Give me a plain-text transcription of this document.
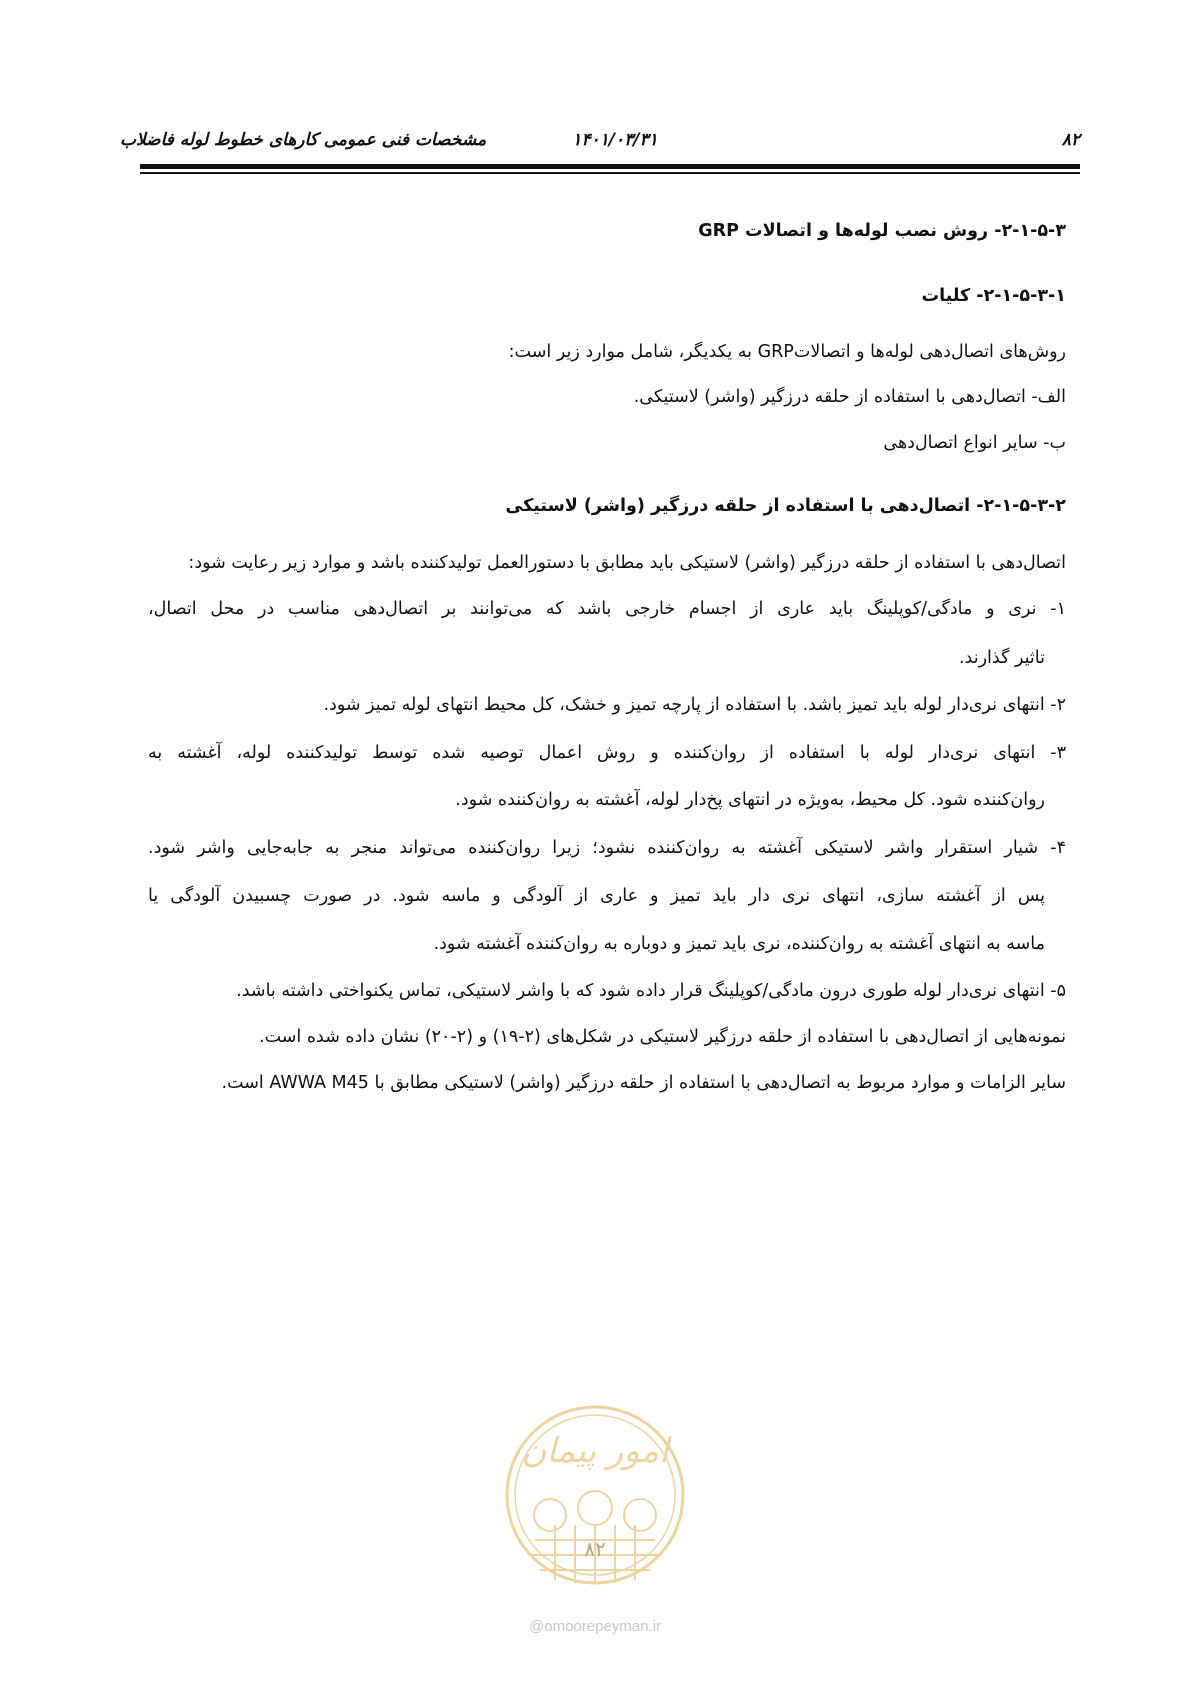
۸۲
۱۴۰۱/۰۳/۳۱
مشخصات فنی عمومی کارهای خطوط لوله فاضلاب
۲-۱-۵-۳- روش نصب لوله‌ها و اتصالات GRP
۲-۱-۵-۳-۱- کلیات
روش‌های اتصال‌دهی لوله‌ها و اتصالاتGRP به یکدیگر، شامل موارد زیر است:
الف- اتصال‌دهی با استفاده از حلقه درزگیر (واشر) لاستیکی.
ب- سایر انواع اتصال‌دهی
۲-۱-۵-۳-۲- اتصال‌دهی با استفاده از حلقه درزگیر (واشر) لاستیکی
اتصال‌دهی با استفاده از حلقه درزگیر (واشر) لاستیکی باید مطابق با دستورالعمل تولیدکننده باشد و موارد زیر رعایت شود:
۱- نری و مادگی/کوپلینگ باید عاری از اجسام خارجی باشد که می‌توانند بر اتصال‌دهی مناسب در محل اتصال،
تاثیر گذارند.
۲- انتهای نری‌دار لوله باید تمیز باشد. با استفاده از پارچه تمیز و خشک، کل محیط انتهای لوله تمیز شود.
۳- انتهای نری‌دار لوله با استفاده از روان‌کننده و روش اعمال توصیه شده توسط تولیدکننده لوله، آغشته به
روان‌کننده شود. کل محیط، به‌ویژه در انتهای پخ‌دار لوله، آغشته به روان‌کننده شود.
۴- شیار استقرار واشر لاستیکی آغشته به روان‌کننده نشود؛ زیرا روان‌کننده می‌تواند منجر به جابه‌جایی واشر شود.
پس از آغشته سازی، انتهای نری دار باید تمیز و عاری از آلودگی و ماسه شود. در صورت چسبیدن آلودگی یا
ماسه به انتهای آغشته به روان‌کننده، نری باید تمیز و دوباره به روان‌کننده آغشته شود.
۵- انتهای نری‌دار لوله طوری درون مادگی/کوپلینگ قرار داده شود که با واشر لاستیکی، تماس یکنواختی داشته باشد.
نمونه‌هایی از اتصال‌دهی با استفاده از حلقه درزگیر لاستیکی در شکل‌های (۲-۱۹) و (۲-۲۰) نشان داده شده است.
سایر الزامات و موارد مربوط به اتصال‌دهی با استفاده از حلقه درزگیر (واشر) لاستیکی مطابق با AWWA M45 است.
امور پیمان
۸۲
@omoorepeyman.ir
